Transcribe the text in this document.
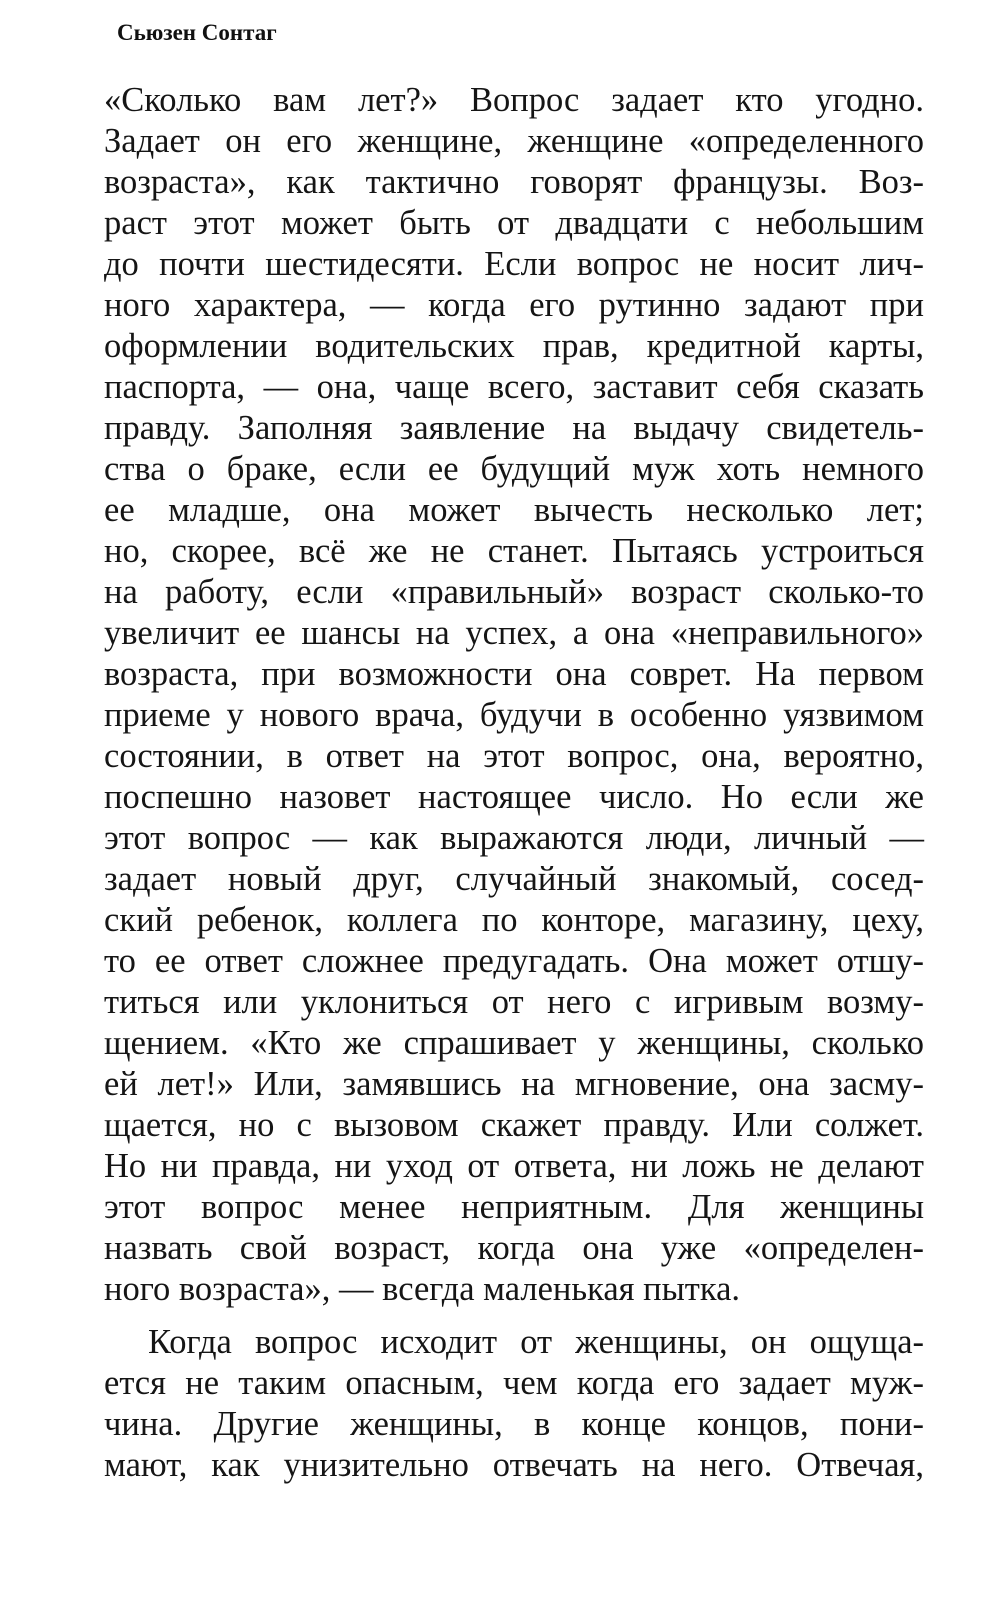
Сьюзен Сонтаг
«Сколько вам лет?» Вопрос задает кто угодно.
Задает он его женщине, женщине «определенного
возраста», как тактично говорят французы. Воз-
раст этот может быть от двадцати с небольшим
до почти шестидесяти. Если вопрос не носит лич-
ного характера, — когда его рутинно задают при
оформлении водительских прав, кредитной карты,
паспорта, — она, чаще всего, заставит себя сказать
правду. Заполняя заявление на выдачу свидетель-
ства о браке, если ее будущий муж хоть немного
ее младше, она может вычесть несколько лет;
но, скорее, всё же не станет. Пытаясь устроиться
на работу, если «правильный» возраст сколько-то
увеличит ее шансы на успех, а она «неправильного»
возраста, при возможности она соврет. На первом
приеме у нового врача, будучи в особенно уязвимом
состоянии, в ответ на этот вопрос, она, вероятно,
поспешно назовет настоящее число. Но если же
этот вопрос — как выражаются люди, личный —
задает новый друг, случайный знакомый, сосед-
ский ребенок, коллега по конторе, магазину, цеху,
то ее ответ сложнее предугадать. Она может отшу-
титься или уклониться от него с игривым возму-
щением. «Кто же спрашивает у женщины, сколько
ей лет!» Или, замявшись на мгновение, она засму-
щается, но с вызовом скажет правду. Или солжет.
Но ни правда, ни уход от ответа, ни ложь не делают
этот вопрос менее неприятным. Для женщины
назвать свой возраст, когда она уже «определен-
ного возраста», — всегда маленькая пытка.
Когда вопрос исходит от женщины, он ощуща-
ется не таким опасным, чем когда его задает муж-
чина. Другие женщины, в конце концов, пони-
мают, как унизительно отвечать на него. Отвечая,
